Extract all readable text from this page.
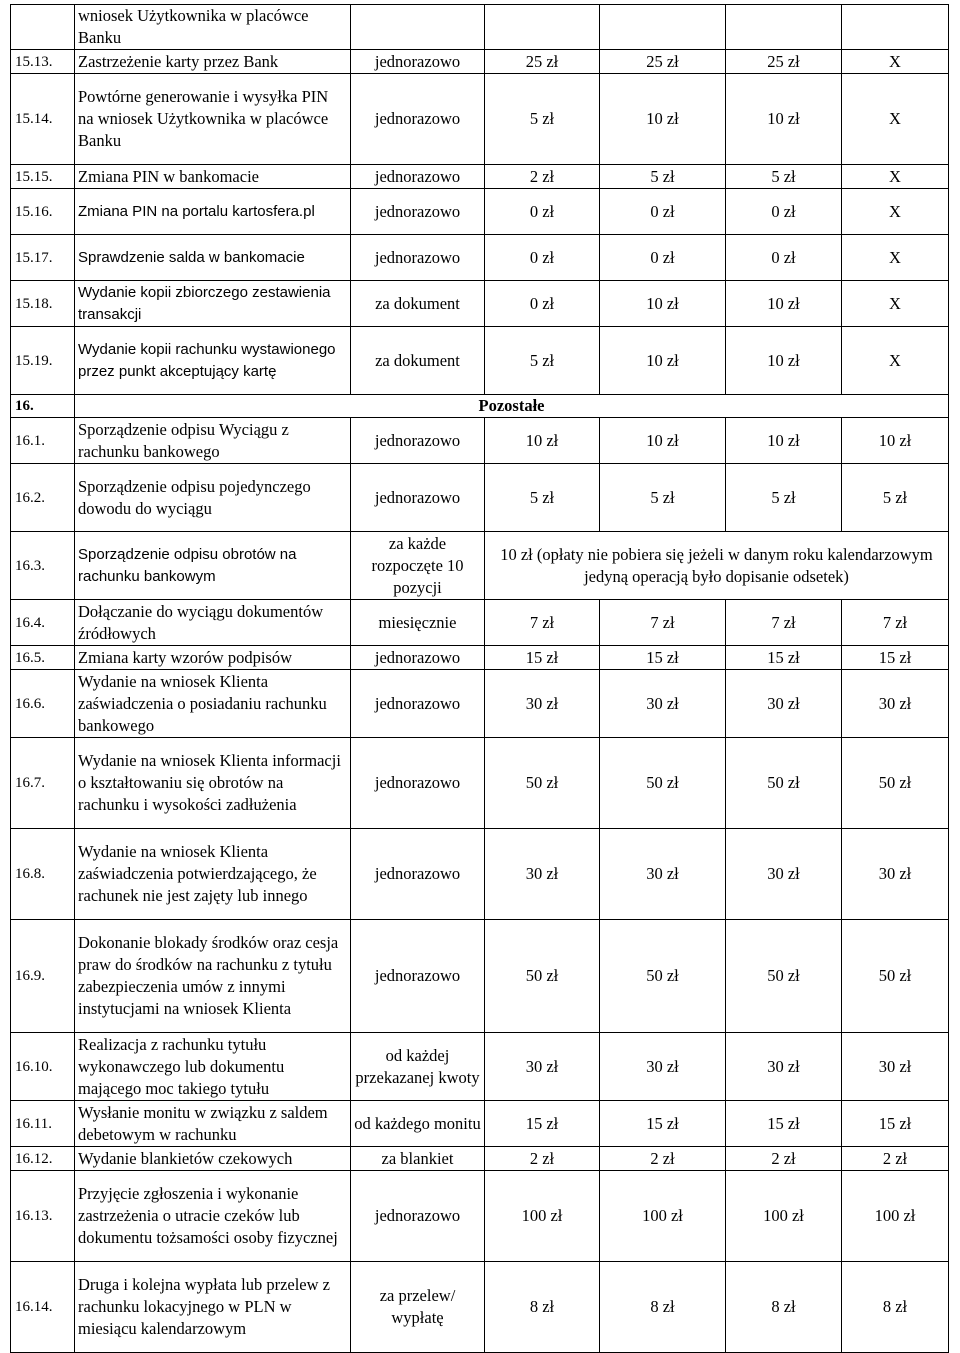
	wniosek Użytkownika w placówce Banku					
15.13.	Zastrzeżenie karty przez Bank	jednorazowo	25 zł	25 zł	25 zł	X
15.14.	Powtórne generowanie i wysyłka PIN na wniosek Użytkownika w placówce Banku	jednorazowo	5 zł	10 zł	10 zł	X
15.15.	Zmiana PIN w bankomacie	jednorazowo	2 zł	5 zł	5 zł	X
15.16.	Zmiana PIN na portalu kartosfera.pl	jednorazowo	0 zł	0 zł	0 zł	X
15.17.	Sprawdzenie salda w bankomacie	jednorazowo	0 zł	0 zł	0 zł	X
15.18.	Wydanie kopii zbiorczego zestawienia transakcji	za dokument	0 zł	10 zł	10 zł	X
15.19.	Wydanie kopii rachunku wystawionego przez punkt akceptujący kartę	za dokument	5 zł	10 zł	10 zł	X
16.	Pozostałe					
16.1.	Sporządzenie odpisu Wyciągu z rachunku bankowego	jednorazowo	10 zł	10 zł	10 zł	10 zł
16.2.	Sporządzenie odpisu pojedynczego dowodu do wyciągu	jednorazowo	5 zł	5 zł	5 zł	5 zł
16.3.	Sporządzenie odpisu obrotów na rachunku bankowym	za każde rozpoczęte 10 pozycji	10 zł (opłaty nie pobiera się jeżeli w danym roku kalendarzowym jedyną operacją było dopisanie odsetek)			
16.4.	Dołączanie do wyciągu dokumentów źródłowych	miesięcznie	7 zł	7 zł	7 zł	7 zł
16.5.	Zmiana karty wzorów podpisów	jednorazowo	15 zł	15 zł	15 zł	15 zł
16.6.	Wydanie na wniosek Klienta zaświadczenia o posiadaniu rachunku bankowego	jednorazowo	30 zł	30 zł	30 zł	30 zł
16.7.	Wydanie na wniosek Klienta informacji o kształtowaniu się obrotów na rachunku i wysokości zadłużenia	jednorazowo	50 zł	50 zł	50 zł	50 zł
16.8.	Wydanie na wniosek Klienta zaświadczenia potwierdzającego, że rachunek nie jest zajęty lub innego	jednorazowo	30 zł	30 zł	30 zł	30 zł
16.9.	Dokonanie blokady środków oraz cesja praw do środków na rachunku z tytułu zabezpieczenia umów z innymi instytucjami na wniosek Klienta	jednorazowo	50 zł	50 zł	50 zł	50 zł
16.10.	Realizacja z rachunku tytułu wykonawczego lub dokumentu mającego moc takiego tytułu	od każdej przekazanej kwoty	30 zł	30 zł	30 zł	30 zł
16.11.	Wysłanie monitu w związku z saldem debetowym w rachunku	od każdego monitu	15 zł	15 zł	15 zł	15 zł
16.12.	Wydanie blankietów czekowych	za blankiet	2 zł	2 zł	2 zł	2 zł
16.13.	Przyjęcie zgłoszenia i wykonanie zastrzeżenia o utracie czeków lub dokumentu tożsamości osoby fizycznej	jednorazowo	100 zł	100 zł	100 zł	100 zł
16.14.	Druga i kolejna wypłata lub przelew z rachunku lokacyjnego w PLN w miesiącu kalendarzowym	za przelew/ wypłatę	8 zł	8 zł	8 zł	8 zł
